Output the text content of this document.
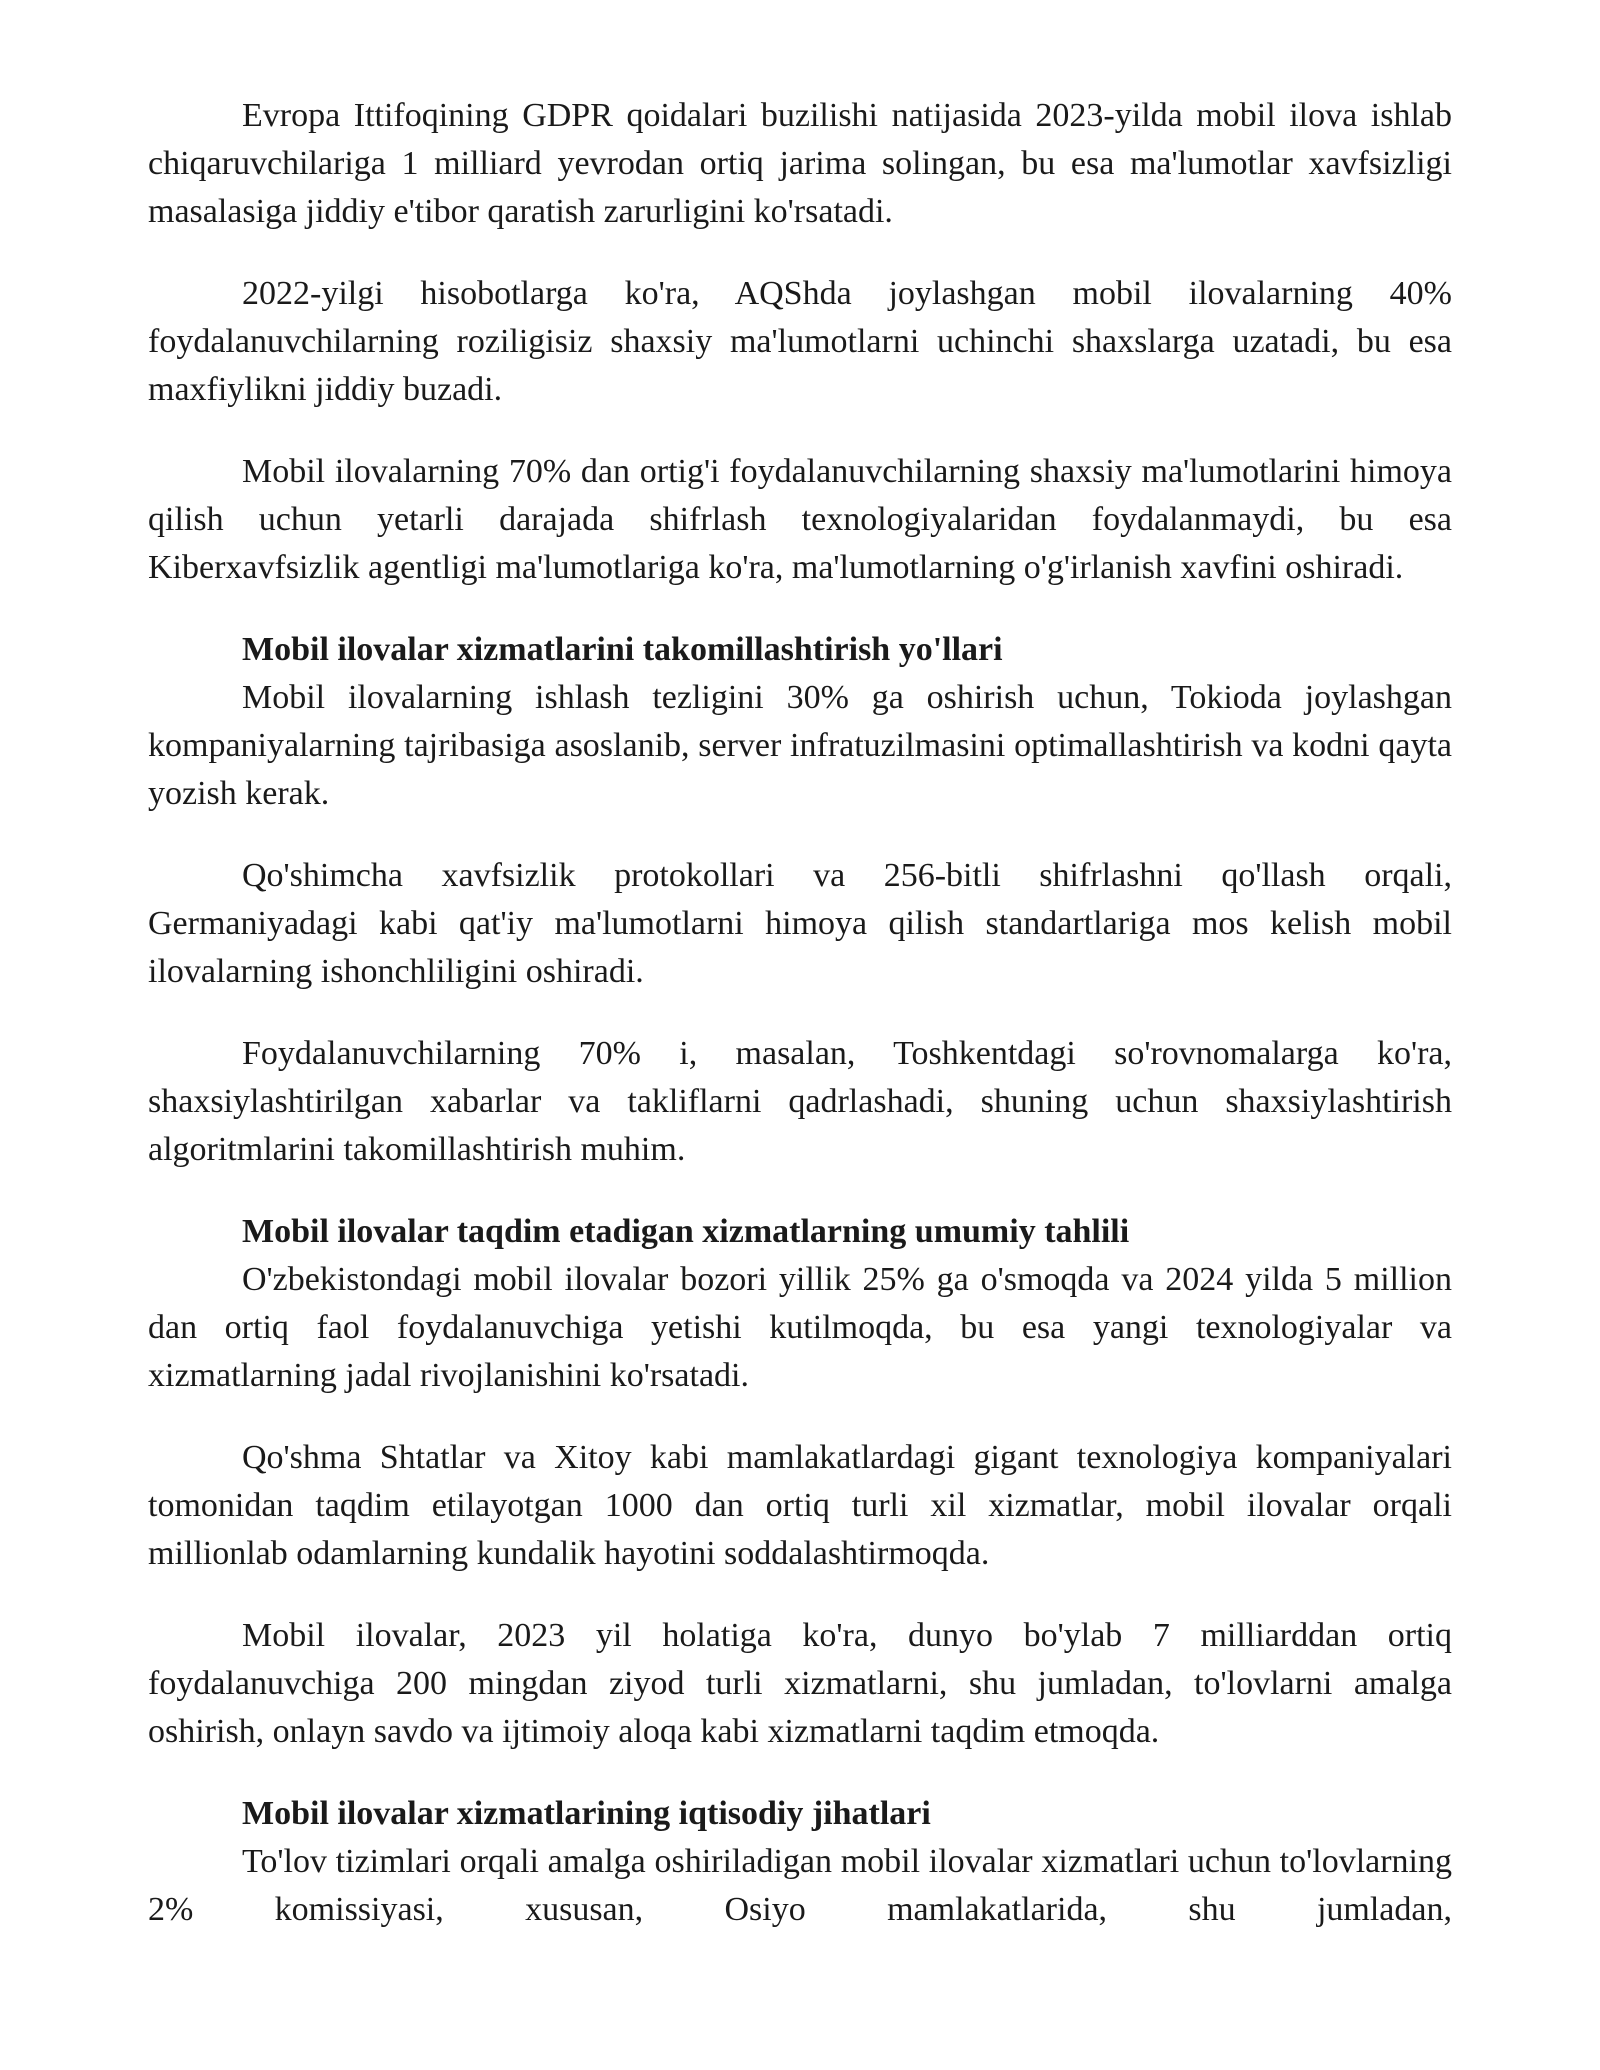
Evropa Ittifoqining GDPR qoidalari buzilishi natijasida 2023-yilda mobil ilova ishlab chiqaruvchilariga 1 milliard yevrodan ortiq jarima solingan, bu esa ma'lumotlar xavfsizligi masalasiga jiddiy e'tibor qaratish zarurligini ko'rsatadi.

2022-yilgi hisobotlarga ko'ra, AQShda joylashgan mobil ilovalarning 40% foydalanuvchilarning roziligisiz shaxsiy ma'lumotlarni uchinchi shaxslarga uzatadi, bu esa maxfiylikni jiddiy buzadi.

Mobil ilovalarning 70% dan ortig'i foydalanuvchilarning shaxsiy ma'lumotlarini himoya qilish uchun yetarli darajada shifrlash texnologiyalaridan foydalanmaydi, bu esa Kiberxavfsizlik agentligi ma'lumotlariga ko'ra, ma'lumotlarning o'g'irlanish xavfini oshiradi.

Mobil ilovalar xizmatlarini takomillashtirish yo'llari

Mobil ilovalarning ishlash tezligini 30% ga oshirish uchun, Tokioda joylashgan kompaniyalarning tajribasiga asoslanib, server infratuzilmasini optimallashtirish va kodni qayta yozish kerak.

Qo'shimcha xavfsizlik protokollari va 256-bitli shifrlashni qo'llash orqali, Germaniyadagi kabi qat'iy ma'lumotlarni himoya qilish standartlariga mos kelish mobil ilovalarning ishonchliligini oshiradi.

Foydalanuvchilarning 70% i, masalan, Toshkentdagi so'rovnomalarga ko'ra, shaxsiylashtirilgan xabarlar va takliflarni qadrlashadi, shuning uchun shaxsiylashtirish algoritmlarini takomillashtirish muhim.

Mobil ilovalar taqdim etadigan xizmatlarning umumiy tahlili

O'zbekistondagi mobil ilovalar bozori yillik 25% ga o'smoqda va 2024 yilda 5 million dan ortiq faol foydalanuvchiga yetishi kutilmoqda, bu esa yangi texnologiyalar va xizmatlarning jadal rivojlanishini ko'rsatadi.

Qo'shma Shtatlar va Xitoy kabi mamlakatlardagi gigant texnologiya kompaniyalari tomonidan taqdim etilayotgan 1000 dan ortiq turli xil xizmatlar, mobil ilovalar orqali millionlab odamlarning kundalik hayotini soddalashtirmoqda.

Mobil ilovalar, 2023 yil holatiga ko'ra, dunyo bo'ylab 7 milliarddan ortiq foydalanuvchiga 200 mingdan ziyod turli xizmatlarni, shu jumladan, to'lovlarni amalga oshirish, onlayn savdo va ijtimoiy aloqa kabi xizmatlarni taqdim etmoqda.

Mobil ilovalar xizmatlarining iqtisodiy jihatlari

To'lov tizimlari orqali amalga oshiriladigan mobil ilovalar xizmatlari uchun to'lovlarning 2% komissiyasi, xususan, Osiyo mamlakatlarida, shu jumladan,
